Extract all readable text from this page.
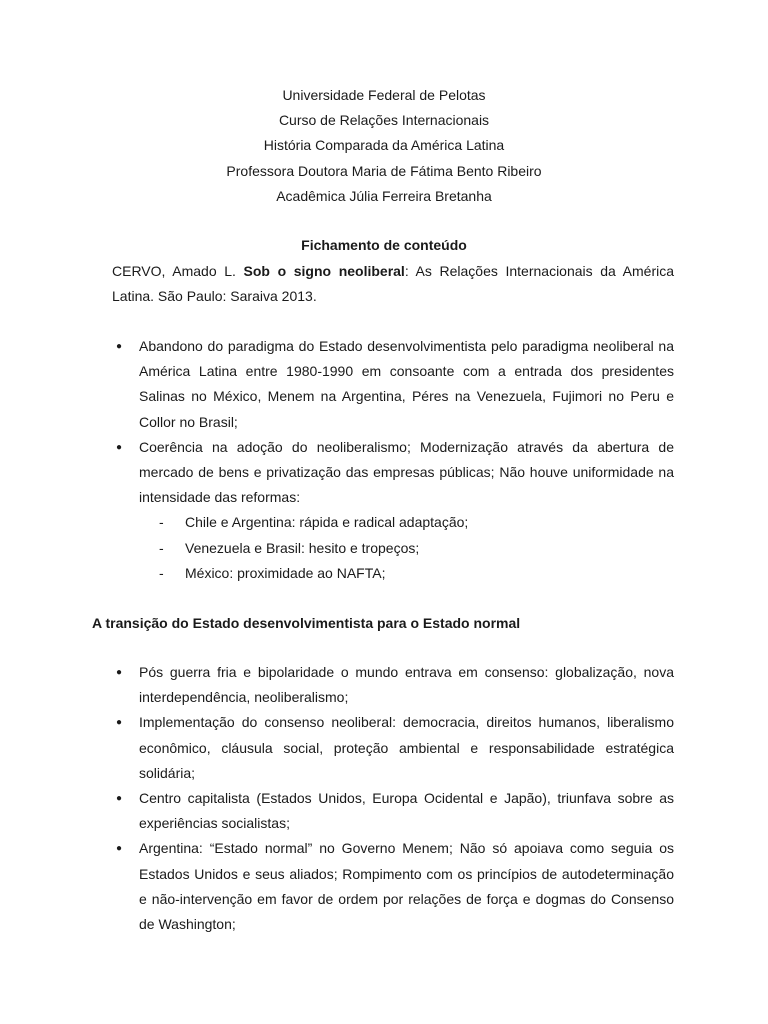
Universidade Federal de Pelotas
Curso de Relações Internacionais
História Comparada da América Latina
Professora Doutora Maria de Fátima Bento Ribeiro
Acadêmica Júlia Ferreira Bretanha
Fichamento de conteúdo
CERVO, Amado L. Sob o signo neoliberal: As Relações Internacionais da América Latina. São Paulo: Saraiva 2013.
● Abandono do paradigma do Estado desenvolvimentista pelo paradigma neoliberal na América Latina entre 1980-1990 em consoante com a entrada dos presidentes Salinas no México, Menem na Argentina, Péres na Venezuela, Fujimori no Peru e Collor no Brasil;
● Coerência na adoção do neoliberalismo; Modernização através da abertura de mercado de bens e privatização das empresas públicas; Não houve uniformidade na intensidade das reformas:
- Chile e Argentina: rápida e radical adaptação;
- Venezuela e Brasil: hesito e tropeços;
- México: proximidade ao NAFTA;
A transição do Estado desenvolvimentista para o Estado normal
● Pós guerra fria e bipolaridade o mundo entrava em consenso: globalização, nova interdependência, neoliberalismo;
● Implementação do consenso neoliberal: democracia, direitos humanos, liberalismo econômico, cláusula social, proteção ambiental e responsabilidade estratégica solidária;
● Centro capitalista (Estados Unidos, Europa Ocidental e Japão), triunfava sobre as experiências socialistas;
● Argentina: “Estado normal” no Governo Menem; Não só apoiava como seguia os Estados Unidos e seus aliados; Rompimento com os princípios de autodeterminação e não-intervenção em favor de ordem por relações de força e dogmas do Consenso de Washington;
